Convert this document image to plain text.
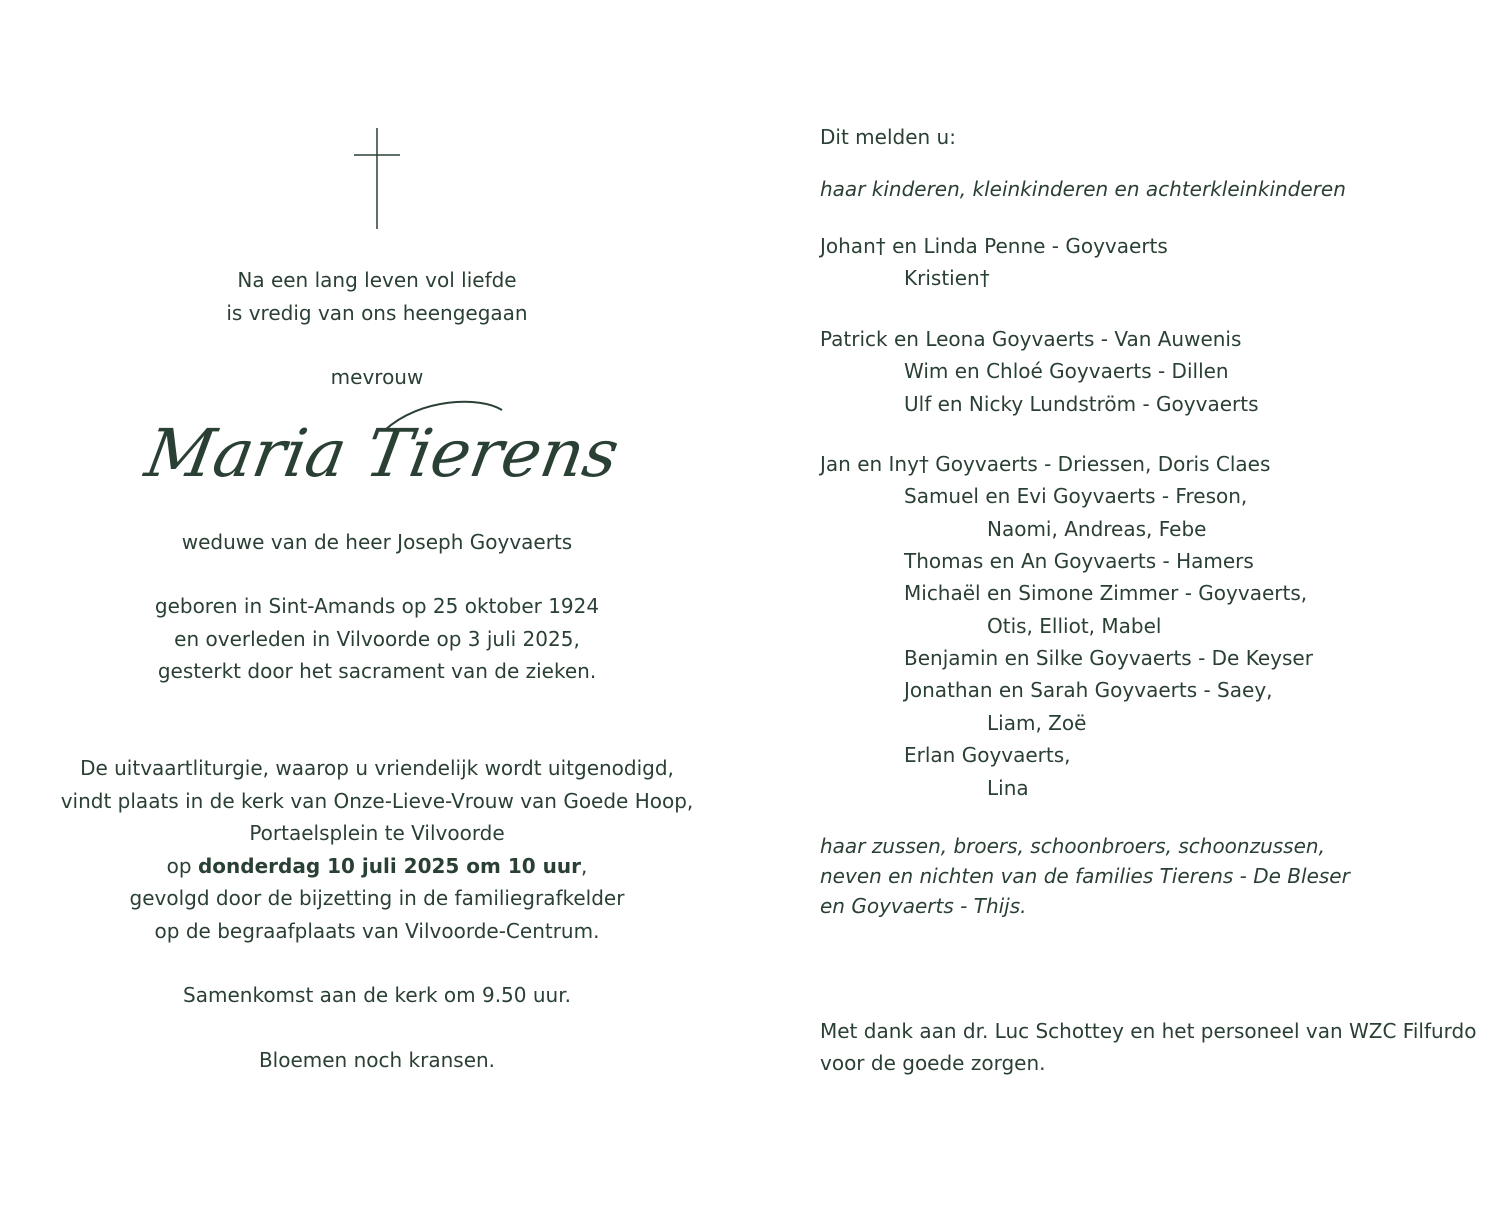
Na een lang leven vol liefde
is vredig van ons heengegaan
mevrouw
Maria Tierens
weduwe van de heer Joseph Goyvaerts
geboren in Sint-Amands op 25 oktober 1924
en overleden in Vilvoorde op 3 juli 2025,
gesterkt door het sacrament van de zieken.
De uitvaartliturgie, waarop u vriendelijk wordt uitgenodigd,
vindt plaats in de kerk van Onze-Lieve-Vrouw van Goede Hoop,
Portaelsplein te Vilvoorde
op donderdag 10 juli 2025 om 10 uur,
gevolgd door de bijzetting in de familiegrafkelder
op de begraafplaats van Vilvoorde-Centrum.
Samenkomst aan de kerk om 9.50 uur.
Bloemen noch kransen.
Dit melden u:
haar kinderen, kleinkinderen en achterkleinkinderen
Johan† en Linda Penne - Goyvaerts
Kristien†
Patrick en Leona Goyvaerts - Van Auwenis
Wim en Chloé Goyvaerts - Dillen
Ulf en Nicky Lundström - Goyvaerts
Jan en Iny† Goyvaerts - Driessen, Doris Claes
Samuel en Evi Goyvaerts - Freson,
Naomi, Andreas, Febe
Thomas en An Goyvaerts - Hamers
Michaël en Simone Zimmer - Goyvaerts,
Otis, Elliot, Mabel
Benjamin en Silke Goyvaerts - De Keyser
Jonathan en Sarah Goyvaerts - Saey,
Liam, Zoë
Erlan Goyvaerts,
Lina
haar zussen, broers, schoonbroers, schoonzussen,
neven en nichten van de families Tierens - De Bleser
en Goyvaerts - Thijs.
Met dank aan dr. Luc Schottey en het personeel van WZC Filfurdo
voor de goede zorgen.
